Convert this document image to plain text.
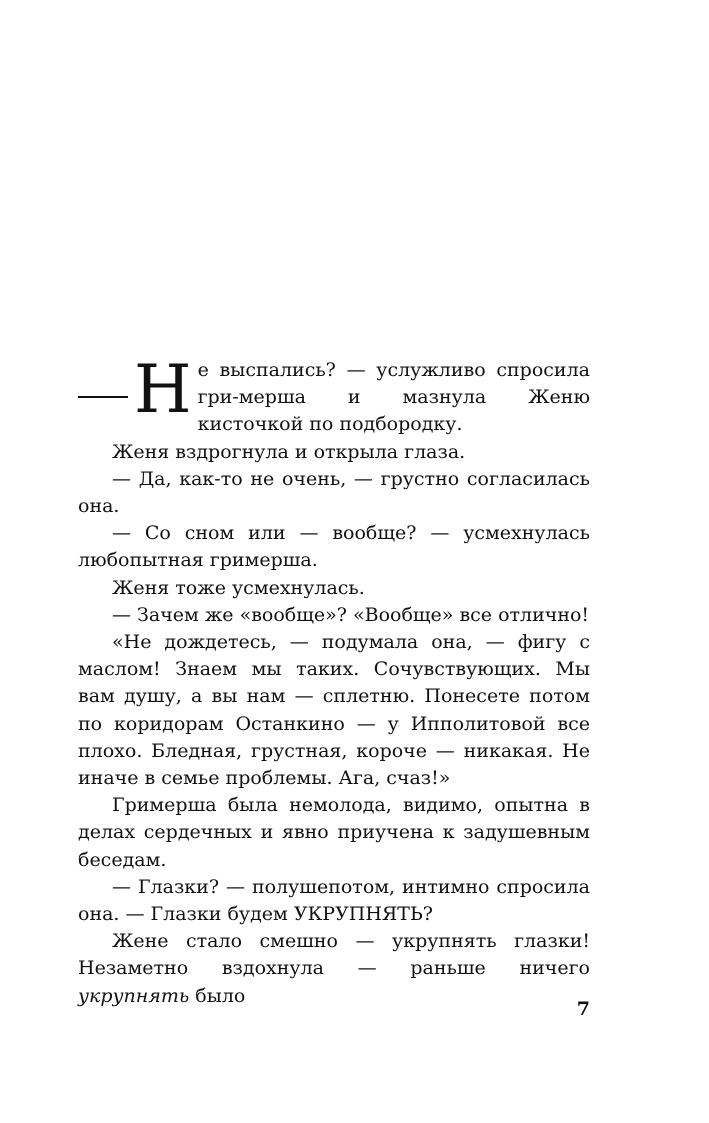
Н е выспались? — услужливо спросила гри-мерша и мазнула Женю кисточкой по подбородку.

Женя вздрогнула и открыла глаза.

— Да, как-то не очень, — грустно согласилась она.

— Со сном или — вообще? — усмехнулась любопытная гримерша.

Женя тоже усмехнулась.

— Зачем же «вообще»? «Вообще» все отлично!

«Не дождетесь, — подумала она, — фигу с маслом! Знаем мы таких. Сочувствующих. Мы вам душу, а вы нам — сплетню. Понесете потом по коридорам Останкино — у Ипполитовой все плохо. Бледная, грустная, короче — никакая. Не иначе в семье проблемы. Ага, счаз!»

Гримерша была немолода, видимо, опытна в делах сердечных и явно приучена к задушевным беседам.

— Глазки? — полушепотом, интимно спросила она. — Глазки будем УКРУПНЯТЬ?

Жене стало смешно — укрупнять глазки! Незаметно вздохнула — раньше ничего укрупнять было

7
